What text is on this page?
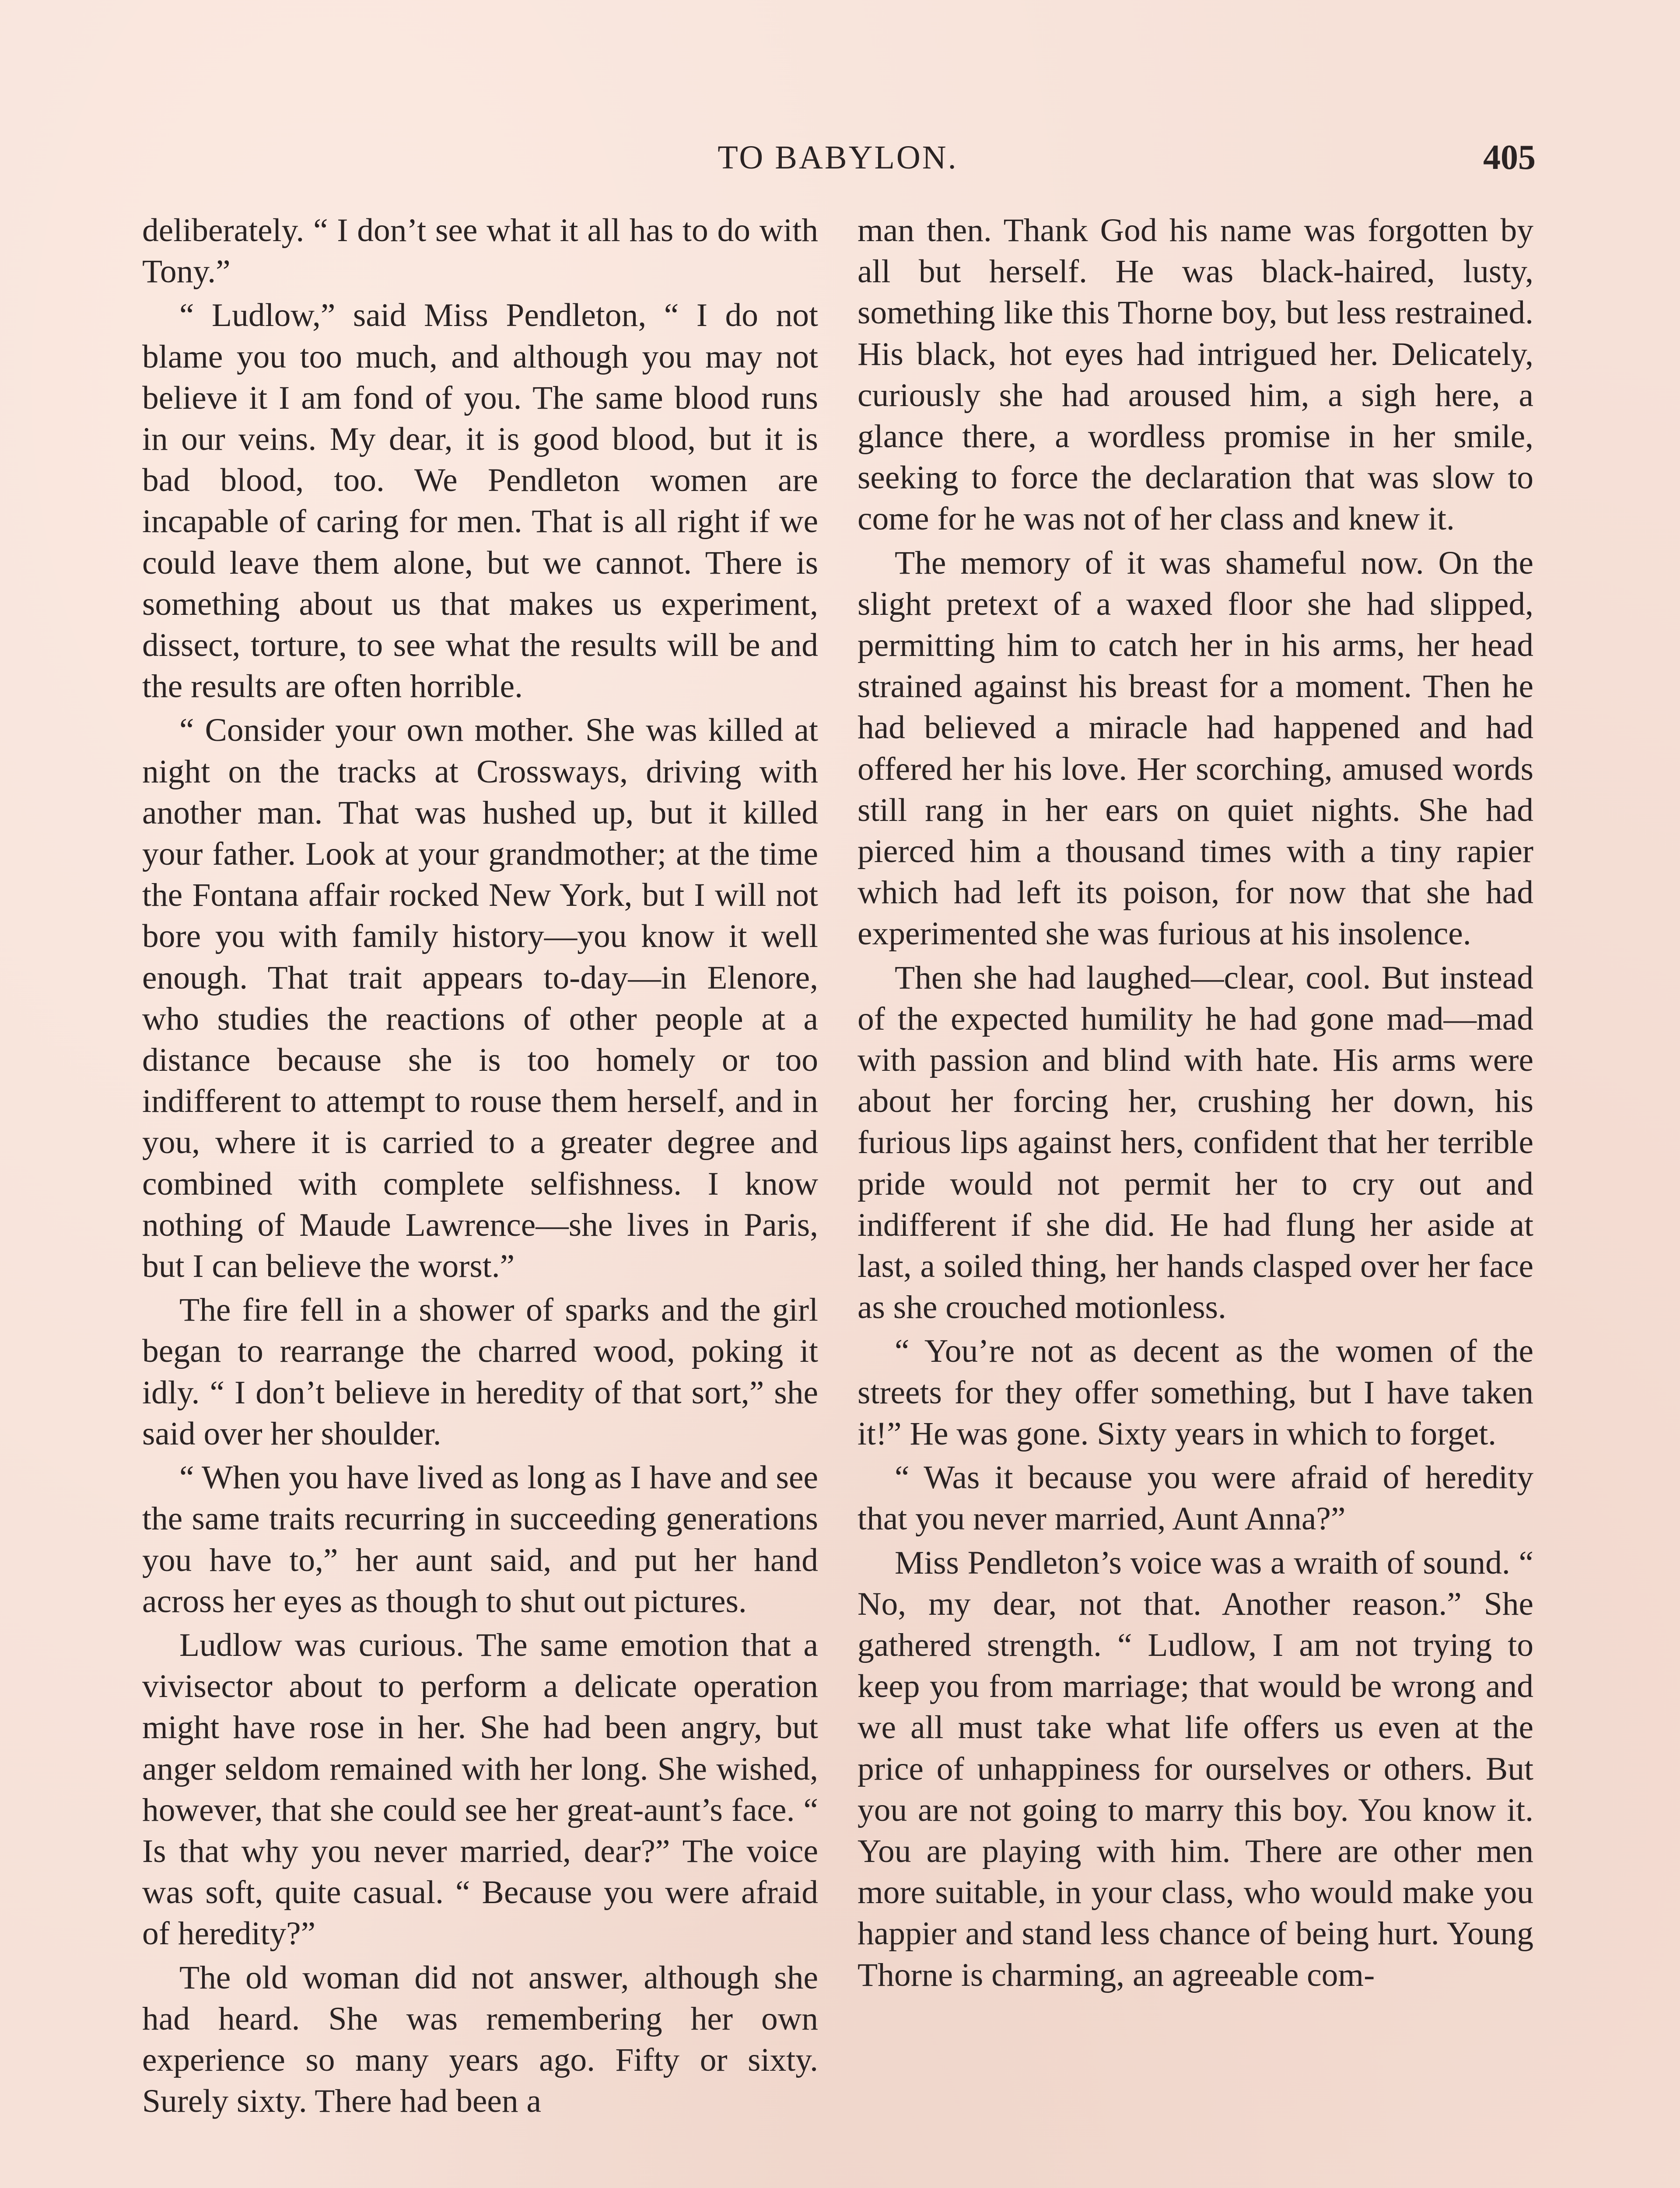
TO BABYLON.	405

deliberately. “ I don’t see what it all has to do with Tony.”

“ Ludlow,” said Miss Pendleton, “ I do not blame you too much, and although you may not believe it I am fond of you. The same blood runs in our veins. My dear, it is good blood, but it is bad blood, too. We Pendleton women are incapable of caring for men. That is all right if we could leave them alone, but we cannot. There is something about us that makes us experiment, dissect, torture, to see what the results will be and the results are often horrible.

“ Consider your own mother. She was killed at night on the tracks at Crossways, driving with another man. That was hushed up, but it killed your father. Look at your grandmother; at the time the Fontana affair rocked New York, but I will not bore you with family history—you know it well enough. That trait appears to-day—in Elenore, who studies the reactions of other people at a distance because she is too homely or too indifferent to attempt to rouse them herself, and in you, where it is carried to a greater degree and combined with complete selfishness. I know nothing of Maude Lawrence—she lives in Paris, but I can believe the worst.”

The fire fell in a shower of sparks and the girl began to rearrange the charred wood, poking it idly. “ I don’t believe in heredity of that sort,” she said over her shoulder.

“ When you have lived as long as I have and see the same traits recurring in succeeding generations you have to,” her aunt said, and put her hand across her eyes as though to shut out pictures.

Ludlow was curious. The same emotion that a vivisector about to perform a delicate operation might have rose in her. She had been angry, but anger seldom remained with her long. She wished, however, that she could see her great-aunt’s face. “ Is that why you never married, dear?” The voice was soft, quite casual. “ Because you were afraid of heredity?”

The old woman did not answer, although she had heard. She was remembering her own experience so many years ago. Fifty or sixty. Surely sixty. There had been a

man then. Thank God his name was forgotten by all but herself. He was black-haired, lusty, something like this Thorne boy, but less restrained. His black, hot eyes had intrigued her. Delicately, curiously she had aroused him, a sigh here, a glance there, a wordless promise in her smile, seeking to force the declaration that was slow to come for he was not of her class and knew it.

The memory of it was shameful now. On the slight pretext of a waxed floor she had slipped, permitting him to catch her in his arms, her head strained against his breast for a moment. Then he had believed a miracle had happened and had offered her his love. Her scorching, amused words still rang in her ears on quiet nights. She had pierced him a thousand times with a tiny rapier which had left its poison, for now that she had experimented she was furious at his insolence.

Then she had laughed—clear, cool. But instead of the expected humility he had gone mad—mad with passion and blind with hate. His arms were about her forcing her, crushing her down, his furious lips against hers, confident that her terrible pride would not permit her to cry out and indifferent if she did. He had flung her aside at last, a soiled thing, her hands clasped over her face as she crouched motionless.

“ You’re not as decent as the women of the streets for they offer something, but I have taken it!” He was gone. Sixty years in which to forget.

“ Was it because you were afraid of heredity that you never married, Aunt Anna?”

Miss Pendleton’s voice was a wraith of sound. “ No, my dear, not that. Another reason.” She gathered strength. “ Ludlow, I am not trying to keep you from marriage; that would be wrong and we all must take what life offers us even at the price of unhappiness for ourselves or others. But you are not going to marry this boy. You know it. You are playing with him. There are other men more suitable, in your class, who would make you happier and stand less chance of being hurt. Young Thorne is charming, an agreeable com-
